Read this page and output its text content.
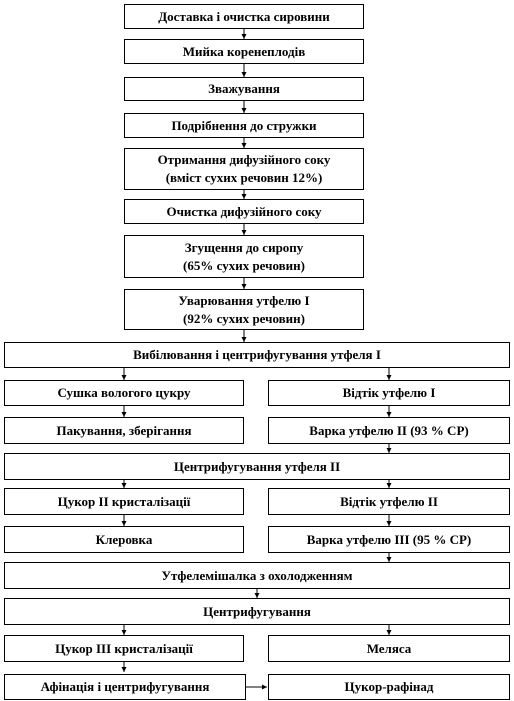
Доставка і очистка сировини
Мийка коренеплодів
Зважування
Подрібнення до стружки
Отримання дифузійного соку
(вміст сухих речовин 12%)
Очистка дифузійного соку
Згущення до сиропу
(65% сухих речовин)
Уварювання утфелю І
(92% сухих речовин)
Вибілювання і центрифугування утфеля І
Сушка вологого цукру	Відтік утфелю І
Пакування, зберігання	Варка утфелю ІІ (93 % СР)
Центрифугування утфеля ІІ
Цукор ІІ кристалізації	Відтік утфелю ІІ
Клеровка	Варка утфелю ІІІ (95 % СР)
Утфелемішалка з охолодженням
Центрифугування
Цукор ІІІ кристалізації	Меляса
Афінація і центрифугування	Цукор-рафінад
